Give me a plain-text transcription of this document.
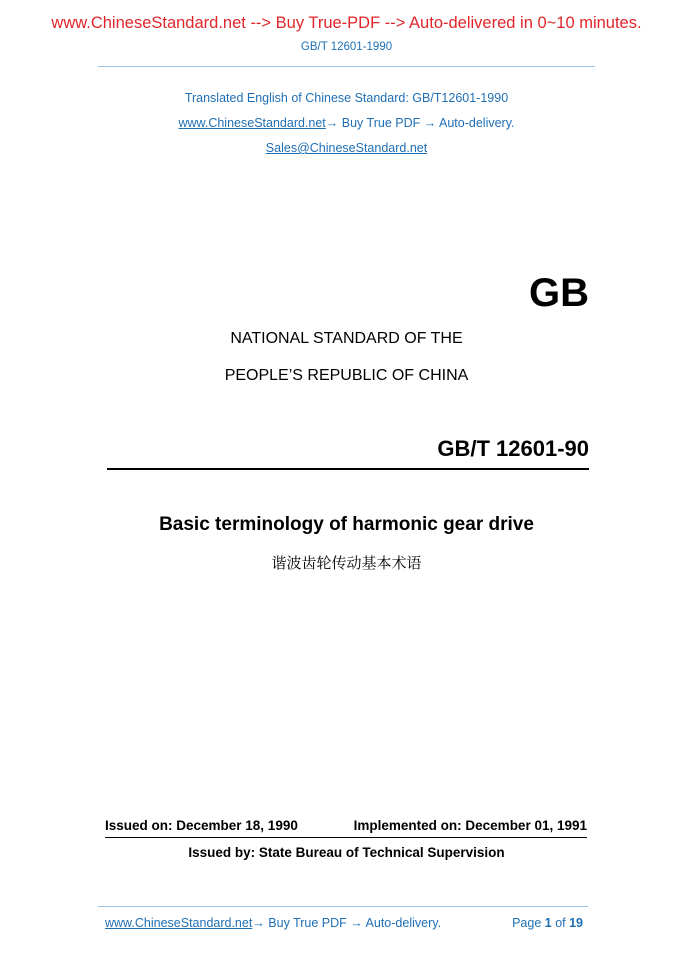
www.ChineseStandard.net --> Buy True-PDF --> Auto-delivered in 0~10 minutes.
GB/T 12601-1990
Translated English of Chinese Standard: GB/T12601-1990
www.ChineseStandard.net→ Buy True PDF → Auto-delivery.
Sales@ChineseStandard.net
GB
NATIONAL STANDARD OF THE
PEOPLE’S REPUBLIC OF CHINA
GB/T 12601-90
Basic terminology of harmonic gear drive
谐波齿轮传动基本术语
Issued on: December 18, 1990	Implemented on: December 01, 1991
Issued by: State Bureau of Technical Supervision
www.ChineseStandard.net→ Buy True PDF → Auto-delivery.	Page 1 of 19
